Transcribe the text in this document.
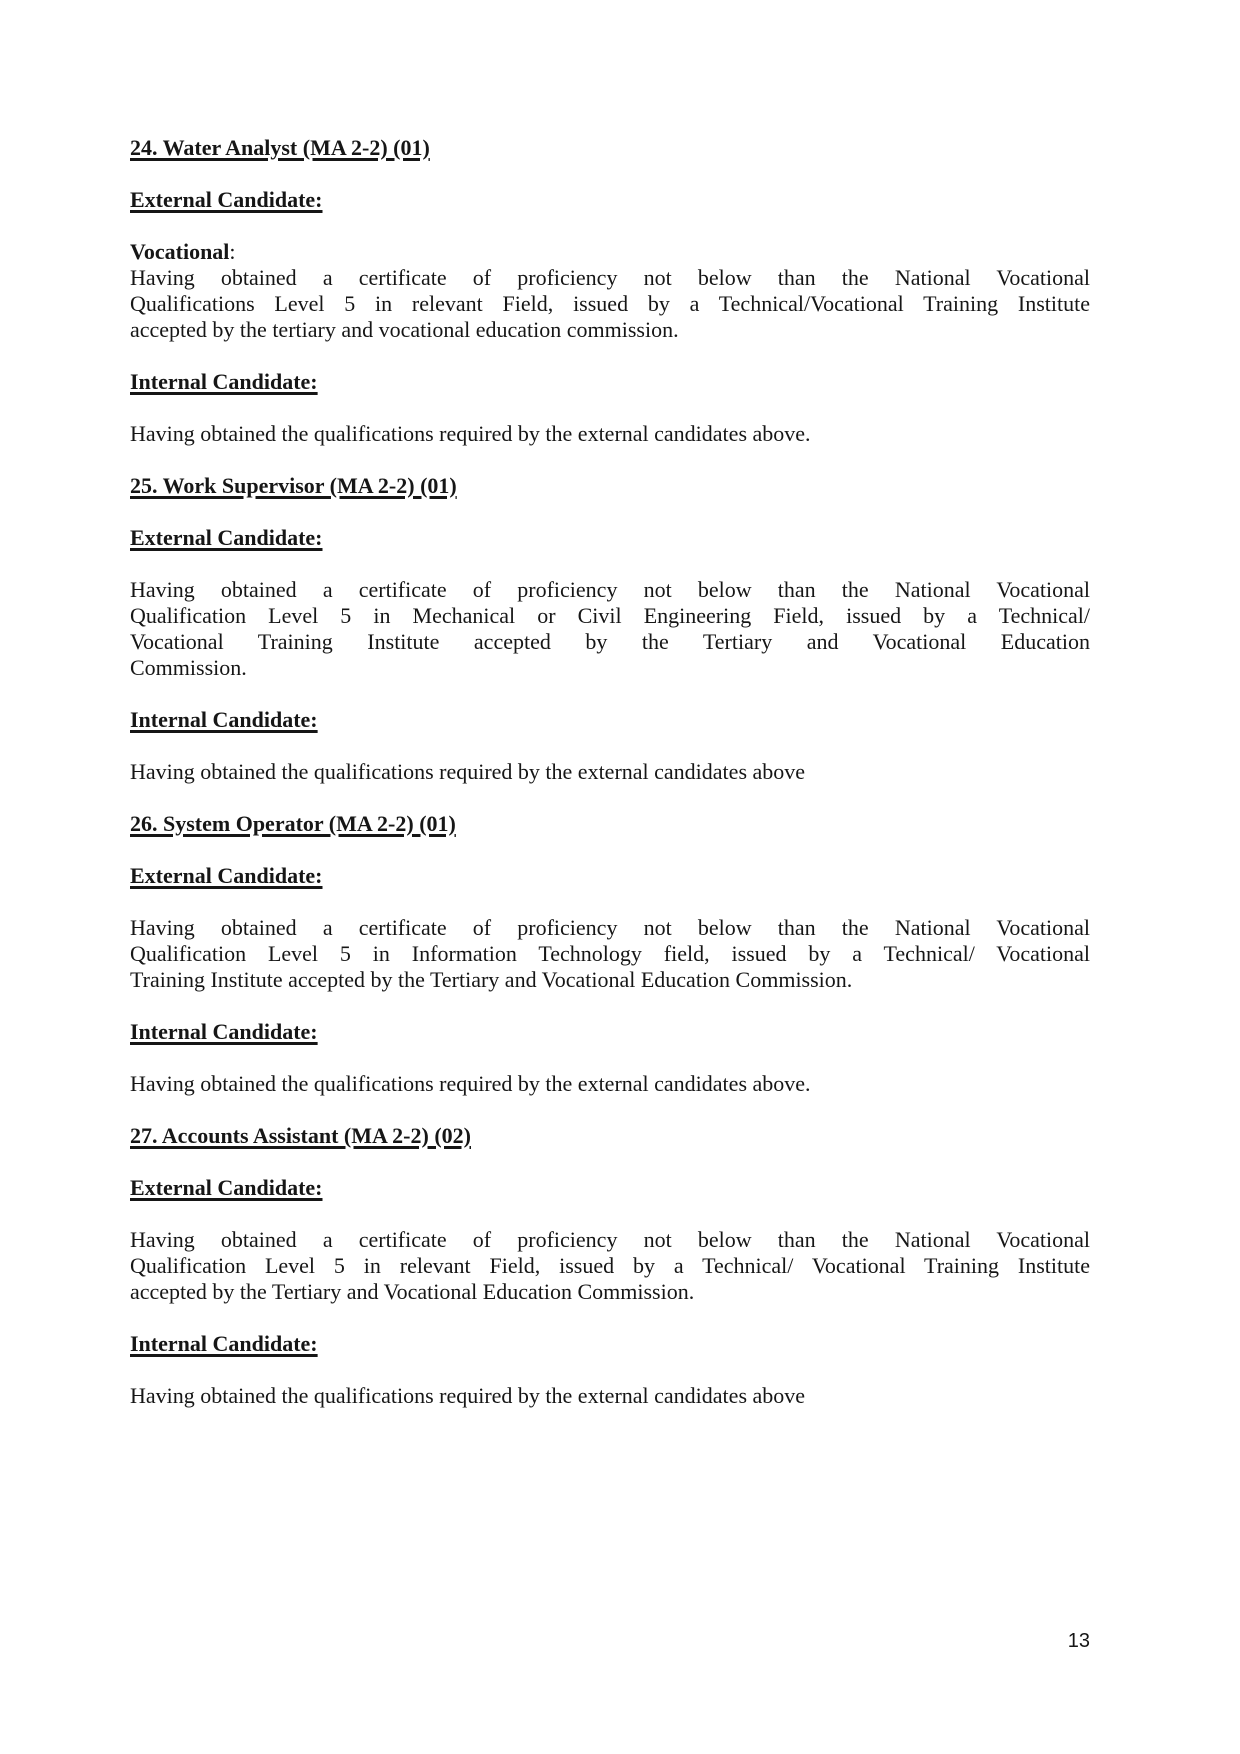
24. Water Analyst (MA 2-2) (01)
External Candidate:
Vocational:
Having obtained a certificate of proficiency not below than the National Vocational
Qualifications Level 5 in relevant Field, issued by a Technical/Vocational Training Institute
accepted by the tertiary and vocational education commission.
Internal Candidate:

Having obtained the qualifications required by the external candidates above.

25. Work Supervisor (MA 2-2) (01)
External Candidate:
Having obtained a certificate of proficiency not below than the National Vocational
Qualification Level 5 in Mechanical or Civil Engineering Field, issued by a Technical/
Vocational Training Institute accepted by the Tertiary and Vocational Education
Commission.
Internal Candidate:

Having obtained the qualifications required by the external candidates above

26. System Operator (MA 2-2) (01)
External Candidate:
Having obtained a certificate of proficiency not below than the National Vocational
Qualification Level 5 in Information Technology field, issued by a Technical/ Vocational
Training Institute accepted by the Tertiary and Vocational Education Commission.
Internal Candidate:

Having obtained the qualifications required by the external candidates above.

27. Accounts Assistant (MA 2-2) (02)
External Candidate:
Having obtained a certificate of proficiency not below than the National Vocational
Qualification Level 5 in relevant Field, issued by a Technical/ Vocational Training Institute
accepted by the Tertiary and Vocational Education Commission.
Internal Candidate:

Having obtained the qualifications required by the external candidates above

13
